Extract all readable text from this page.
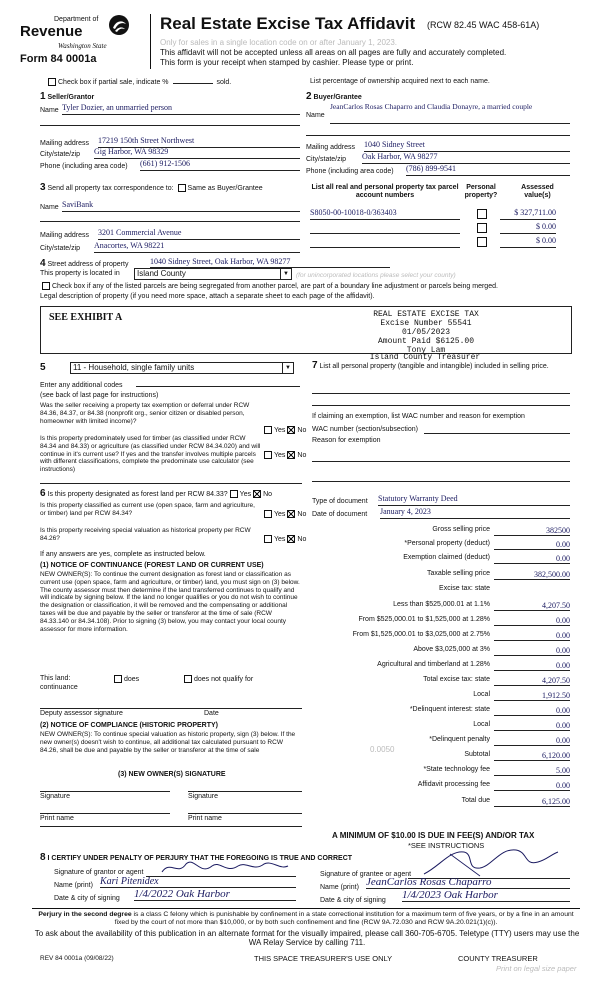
Department of
Revenue
Washington State
Form 84 0001a
Real Estate Excise Tax Affidavit (RCW 82.45 WAC 458-61A)
Only for sales in a single location code on or after January 1, 2023.
This affidavit will not be accepted unless all areas on all pages are fully and accurately completed.
This form is your receipt when stamped by cashier. Please type or print.
Check box if partial sale, indicate %	sold.	List percentage of ownership acquired next to each name.
1 Seller/Grantor
Name Tyler Dozier, an unmarried person
Mailing address 17219 150th Street Northwest
City/state/zip Gig Harbor, WA 98329
Phone (including area code) (661) 912-1506
2 Buyer/Grantee
Name
JeanCarlos Rosas Chaparro and Claudia Donayre, a married couple
Mailing address 1040 Sidney Street
City/state/zip Oak Harbor, WA 98277
Phone (including area code) (786) 899-9541
3 Send all property tax correspondence to: Same as Buyer/Grantee
Name SaviBank
Mailing address 3201 Commercial Avenue
City/state/zip Anacortes, WA 98221
List all real and personal property tax parcel account numbers
Personal property?
Assessed value(s)
S8050-00-10018-0/363403	$ 327,711.00
$ 0.00
$ 0.00
4 Street address of property	1040 Sidney Street, Oak Harbor, WA 98277
This property is located in	Island County	▼	(for unincorporated locations please select your county)
Check box if any of the listed parcels are being segregated from another parcel, are part of a boundary line adjustment or parcels being merged.
Legal description of property (if you need more space, attach a separate sheet to each page of the affidavit).
SEE EXHIBIT A	REAL ESTATE EXCISE TAX
Excise Number 55541
01/05/2023
Amount Paid $6125.00
Tony Lam
Island County Treasurer
5	11 - Household, single family units	▼
Enter any additional codes
(see back of last page for instructions)
Was the seller receiving a property tax exemption or deferral under RCW 84.36, 84.37, or 84.38 (nonprofit org., senior citizen or disabled person, homeowner with limited income)?
Yes No
Is this property predominately used for timber (as classified under RCW 84.34 and 84.33) or agriculture (as classified under RCW 84.34.020) and will continue in it's current use? If yes and the transfer involves multiple parcels with different classifications, complete the predominate use calculator (see instructions)
Yes No
7 List all personal property (tangible and intangible) included in selling price.
If claiming an exemption, list WAC number and reason for exemption
WAC number (section/subsection)
Reason for exemption
6 Is this property designated as forest land per RCW 84.33? Yes No
Is this property classified as current use (open space, farm and agriculture, or timber) land per RCW 84.34?	Yes No
Is this property receiving special valuation as historical property per RCW 84.26?	Yes No
If any answers are yes, complete as instructed below.
(1) NOTICE OF CONTINUANCE (FOREST LAND OR CURRENT USE)
NEW OWNER(S): To continue the current designation as forest land or classification as current use (open space, farm and agriculture, or timber) land, you must sign on (3) below. The county assessor must then determine if the land transferred continues to qualify and will indicate by signing below. If the land no longer qualifies or you do not wish to continue the designation or classification, it will be removed and the compensating or additional taxes will be due and payable by the seller or transferor at the time of sale (RCW 84.33.140 or 84.34.108). Prior to signing (3) below, you may contact your local county assessor for more information.
This land:
continuance
does	does not qualify for
Deputy assessor signature	Date
(2) NOTICE OF COMPLIANCE (HISTORIC PROPERTY)
NEW OWNER(S): To continue special valuation as historic property, sign (3) below. If the new owner(s) doesn't wish to continue, all additional tax calculated pursuant to RCW 84.26, shall be due and payable by the seller or transferor at the time of sale
(3) NEW OWNER(S) SIGNATURE
Signature	Signature
Print name	Print name
Type of document Statutory Warranty Deed
Date of document January 4, 2023
Gross selling price	382500
*Personal property (deduct)	0.00
Exemption claimed (deduct)	0.00
Taxable selling price	382,500.00
Excise tax: state
Less than $525,000.01 at 1.1%	4,207.50
From $525,000.01 to $1,525,000 at 1.28%	0.00
From $1,525,000.01 to $3,025,000 at 2.75%	0.00
Above $3,025,000 at 3%	0.00
Agricultural and timberland at 1.28%	0.00
Total excise tax: state	4,207.50
Local	1,912.50
*Delinquent interest: state	0.00
Local	0.00
*Delinquent penalty	0.00
Subtotal	6,120.00
*State technology fee	5.00
Affidavit processing fee	0.00
Total due	6,125.00
0.0050
A MINIMUM OF $10.00 IS DUE IN FEE(S) AND/OR TAX
*SEE INSTRUCTIONS
8 I CERTIFY UNDER PENALTY OF PERJURY THAT THE FOREGOING IS TRUE AND CORRECT
Signature of grantor or agent
Name (print) Kari Pitenidex
Date & city of signing 1/4/2022 Oak Harbor
Signature of grantee or agent
Name (print) JeanCarlos Rosas Chaparro
Date & city of signing 1/4/2023 Oak Harbor
Perjury in the second degree is a class C felony which is punishable by confinement in a state correctional institution for a maximum term of five years, or by a fine in an amount fixed by the court of not more than $10,000, or by both such confinement and fine (RCW 9A.72.030 and RCW 9A.20.021(1)(c)).
To ask about the availability of this publication in an alternate format for the visually impaired, please call 360-705-6705. Teletype (TTY) users may use the WA Relay Service by calling 711.
REV 84 0001a (09/08/22)	THIS SPACE TREASURER'S USE ONLY	COUNTY TREASURER
Print on legal size paper
